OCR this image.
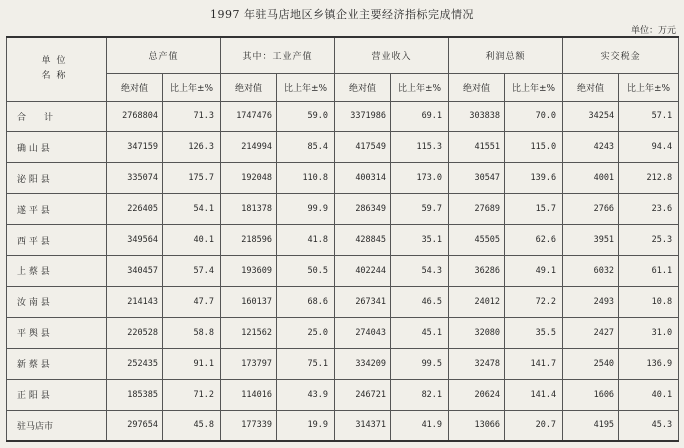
1997 年驻马店地区乡镇企业主要经济指标完成情况
单位：万元
单位
名称	总产值		其中：工业产值		营业收入		利润总额		实交税金	
	绝对值	比上年±%	绝对值	比上年±%	绝对值	比上年±%	绝对值	比上年±%	绝对值	比上年±%
合　　计	2768804	71.3	1747476	59.0	3371986	69.1	303838	70.0	34254	57.1
确 山 县	347159	126.3	214994	85.4	417549	115.3	41551	115.0	4243	94.4
泌 阳 县	335074	175.7	192048	110.8	400314	173.0	30547	139.6	4001	212.8
遂 平 县	226405	54.1	181378	99.9	286349	59.7	27689	15.7	2766	23.6
西 平 县	349564	40.1	218596	41.8	428845	35.1	45505	62.6	3951	25.3
上 蔡 县	340457	57.4	193609	50.5	402244	54.3	36286	49.1	6032	61.1
汝 南 县	214143	47.7	160137	68.6	267341	46.5	24012	72.2	2493	10.8
平 舆 县	220528	58.8	121562	25.0	274043	45.1	32080	35.5	2427	31.0
新 蔡 县	252435	91.1	173797	75.1	334209	99.5	32478	141.7	2540	136.9
正 阳 县	185385	71.2	114016	43.9	246721	82.1	20624	141.4	1606	40.1
驻马店市	297654	45.8	177339	19.9	314371	41.9	13066	20.7	4195	45.3
